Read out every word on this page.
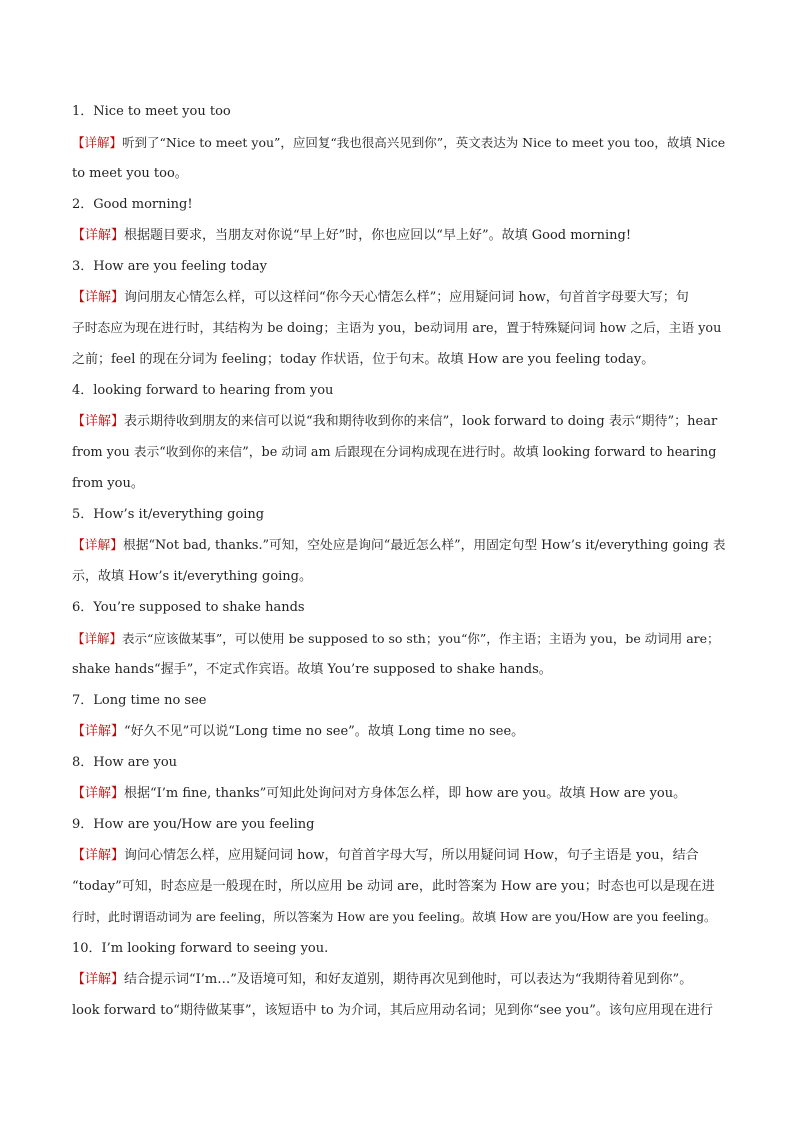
1．Nice to meet you too
【详解】听到了“Nice to meet you”，应回复“我也很高兴见到你”，英文表达为 Nice to meet you too，故填 Nice
to meet you too。
2．Good morning!
【详解】根据题目要求，当朋友对你说“早上好”时，你也应回以“早上好”。故填 Good morning!
3．How are you feeling today
【详解】询问朋友心情怎么样，可以这样问“你今天心情怎么样”；应用疑问词 how，句首首字母要大写；句
子时态应为现在进行时，其结构为 be doing；主语为 you，be动词用 are，置于特殊疑问词 how 之后，主语 you
之前；feel 的现在分词为 feeling；today 作状语，位于句末。故填 How are you feeling today。
4．looking forward to hearing from you
【详解】表示期待收到朋友的来信可以说“我和期待收到你的来信”，look forward to doing 表示“期待”；hear
from you 表示“收到你的来信”，be 动词 am 后跟现在分词构成现在进行时。故填 looking forward to hearing
from you。
5．How’s it/everything going
【详解】根据“Not bad, thanks.”可知，空处应是询问“最近怎么样”，用固定句型 How’s it/everything going 表
示，故填 How’s it/everything going。
6．You’re supposed to shake hands
【详解】表示“应该做某事”，可以使用 be supposed to so sth；you“你”，作主语；主语为 you，be 动词用 are；
shake hands“握手”，不定式作宾语。故填 You’re supposed to shake hands。
7．Long time no see
【详解】“好久不见”可以说“Long time no see”。故填 Long time no see。
8．How are you
【详解】根据“I’m fine, thanks”可知此处询问对方身体怎么样，即 how are you。故填 How are you。
9．How are you/How are you feeling
【详解】询问心情怎么样，应用疑问词 how，句首首字母大写，所以用疑问词 How，句子主语是 you，结合
“today”可知，时态应是一般现在时，所以应用 be 动词 are，此时答案为 How are you；时态也可以是现在进
行时，此时谓语动词为 are feeling，所以答案为 How are you feeling。故填 How are you/How are you feeling。
10．I’m looking forward to seeing you.
【详解】结合提示词“I’m…”及语境可知，和好友道别，期待再次见到他时，可以表达为“我期待着见到你”。
look forward to“期待做某事”，该短语中 to 为介词，其后应用动名词；见到你“see you”。该句应用现在进行
